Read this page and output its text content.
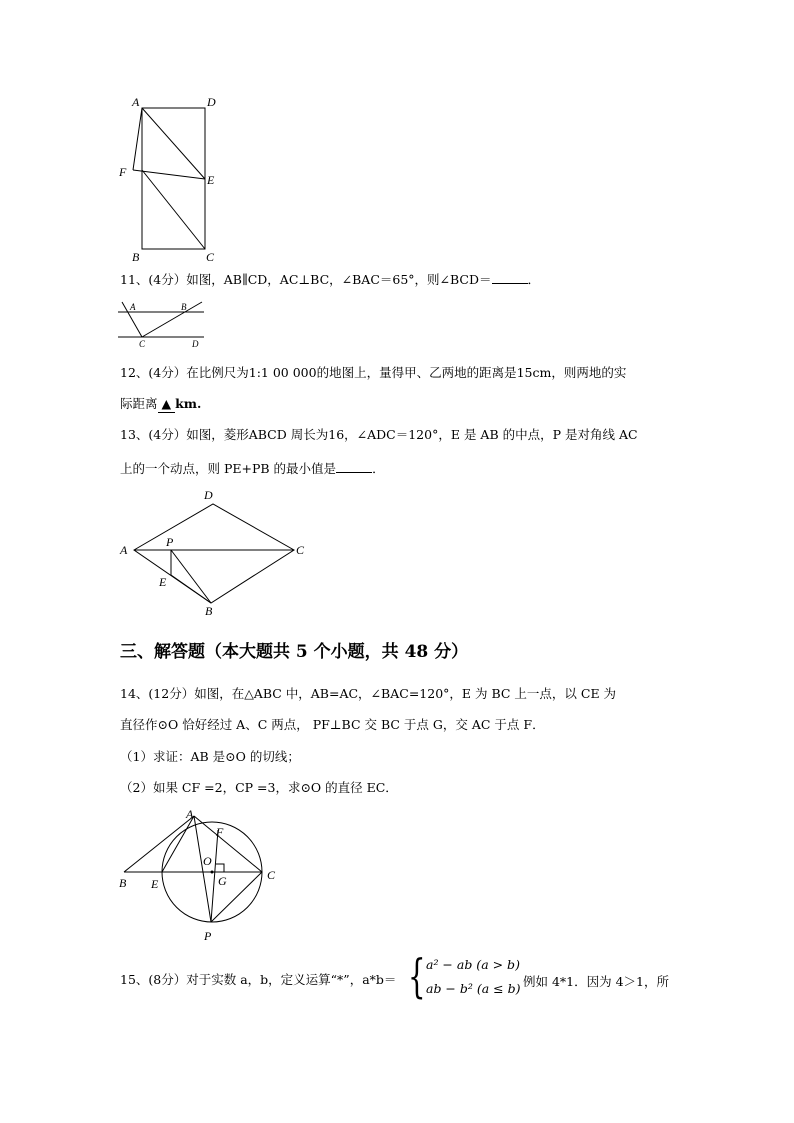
A	D
F
E
B	C
11、(4分）如图，AB∥CD，AC⊥BC，∠BAC＝65°，则∠BCD＝	．
A	B
C	D
12、(4分）在比例尺为1:1 00 000的地图上，量得甲、乙两地的距离是15cm，则两地的实
际距离 ▲ km.
13、(4分）如图，菱形ABCD 周长为16，∠ADC＝120°，E 是 AB 的中点，P 是对角线 AC
上的一个动点，则 PE+PB 的最小值是	．
D
A
P
C
E
B
三、解答题（本大题共 5 个小题，共 48 分）
14、(12分）如图，在△ABC 中，AB=AC，∠BAC=120°，E 为 BC 上一点，以 CE 为
直径作⊙O 恰好经过 A、C 两点， PF⊥BC 交 BC 于点 G，交 AC 于点 F．
（1）求证：AB 是⊙O 的切线；
（2）如果 CF =2，CP =3，求⊙O 的直径 EC．
A
F
O
G
B E
C
P
15、(8分）对于实数 a，b，定义运算“*”，a*b＝ { a² − ab (a > b)
ab − b² (a ≤ b) 例如 4*1．因为 4＞1，所
